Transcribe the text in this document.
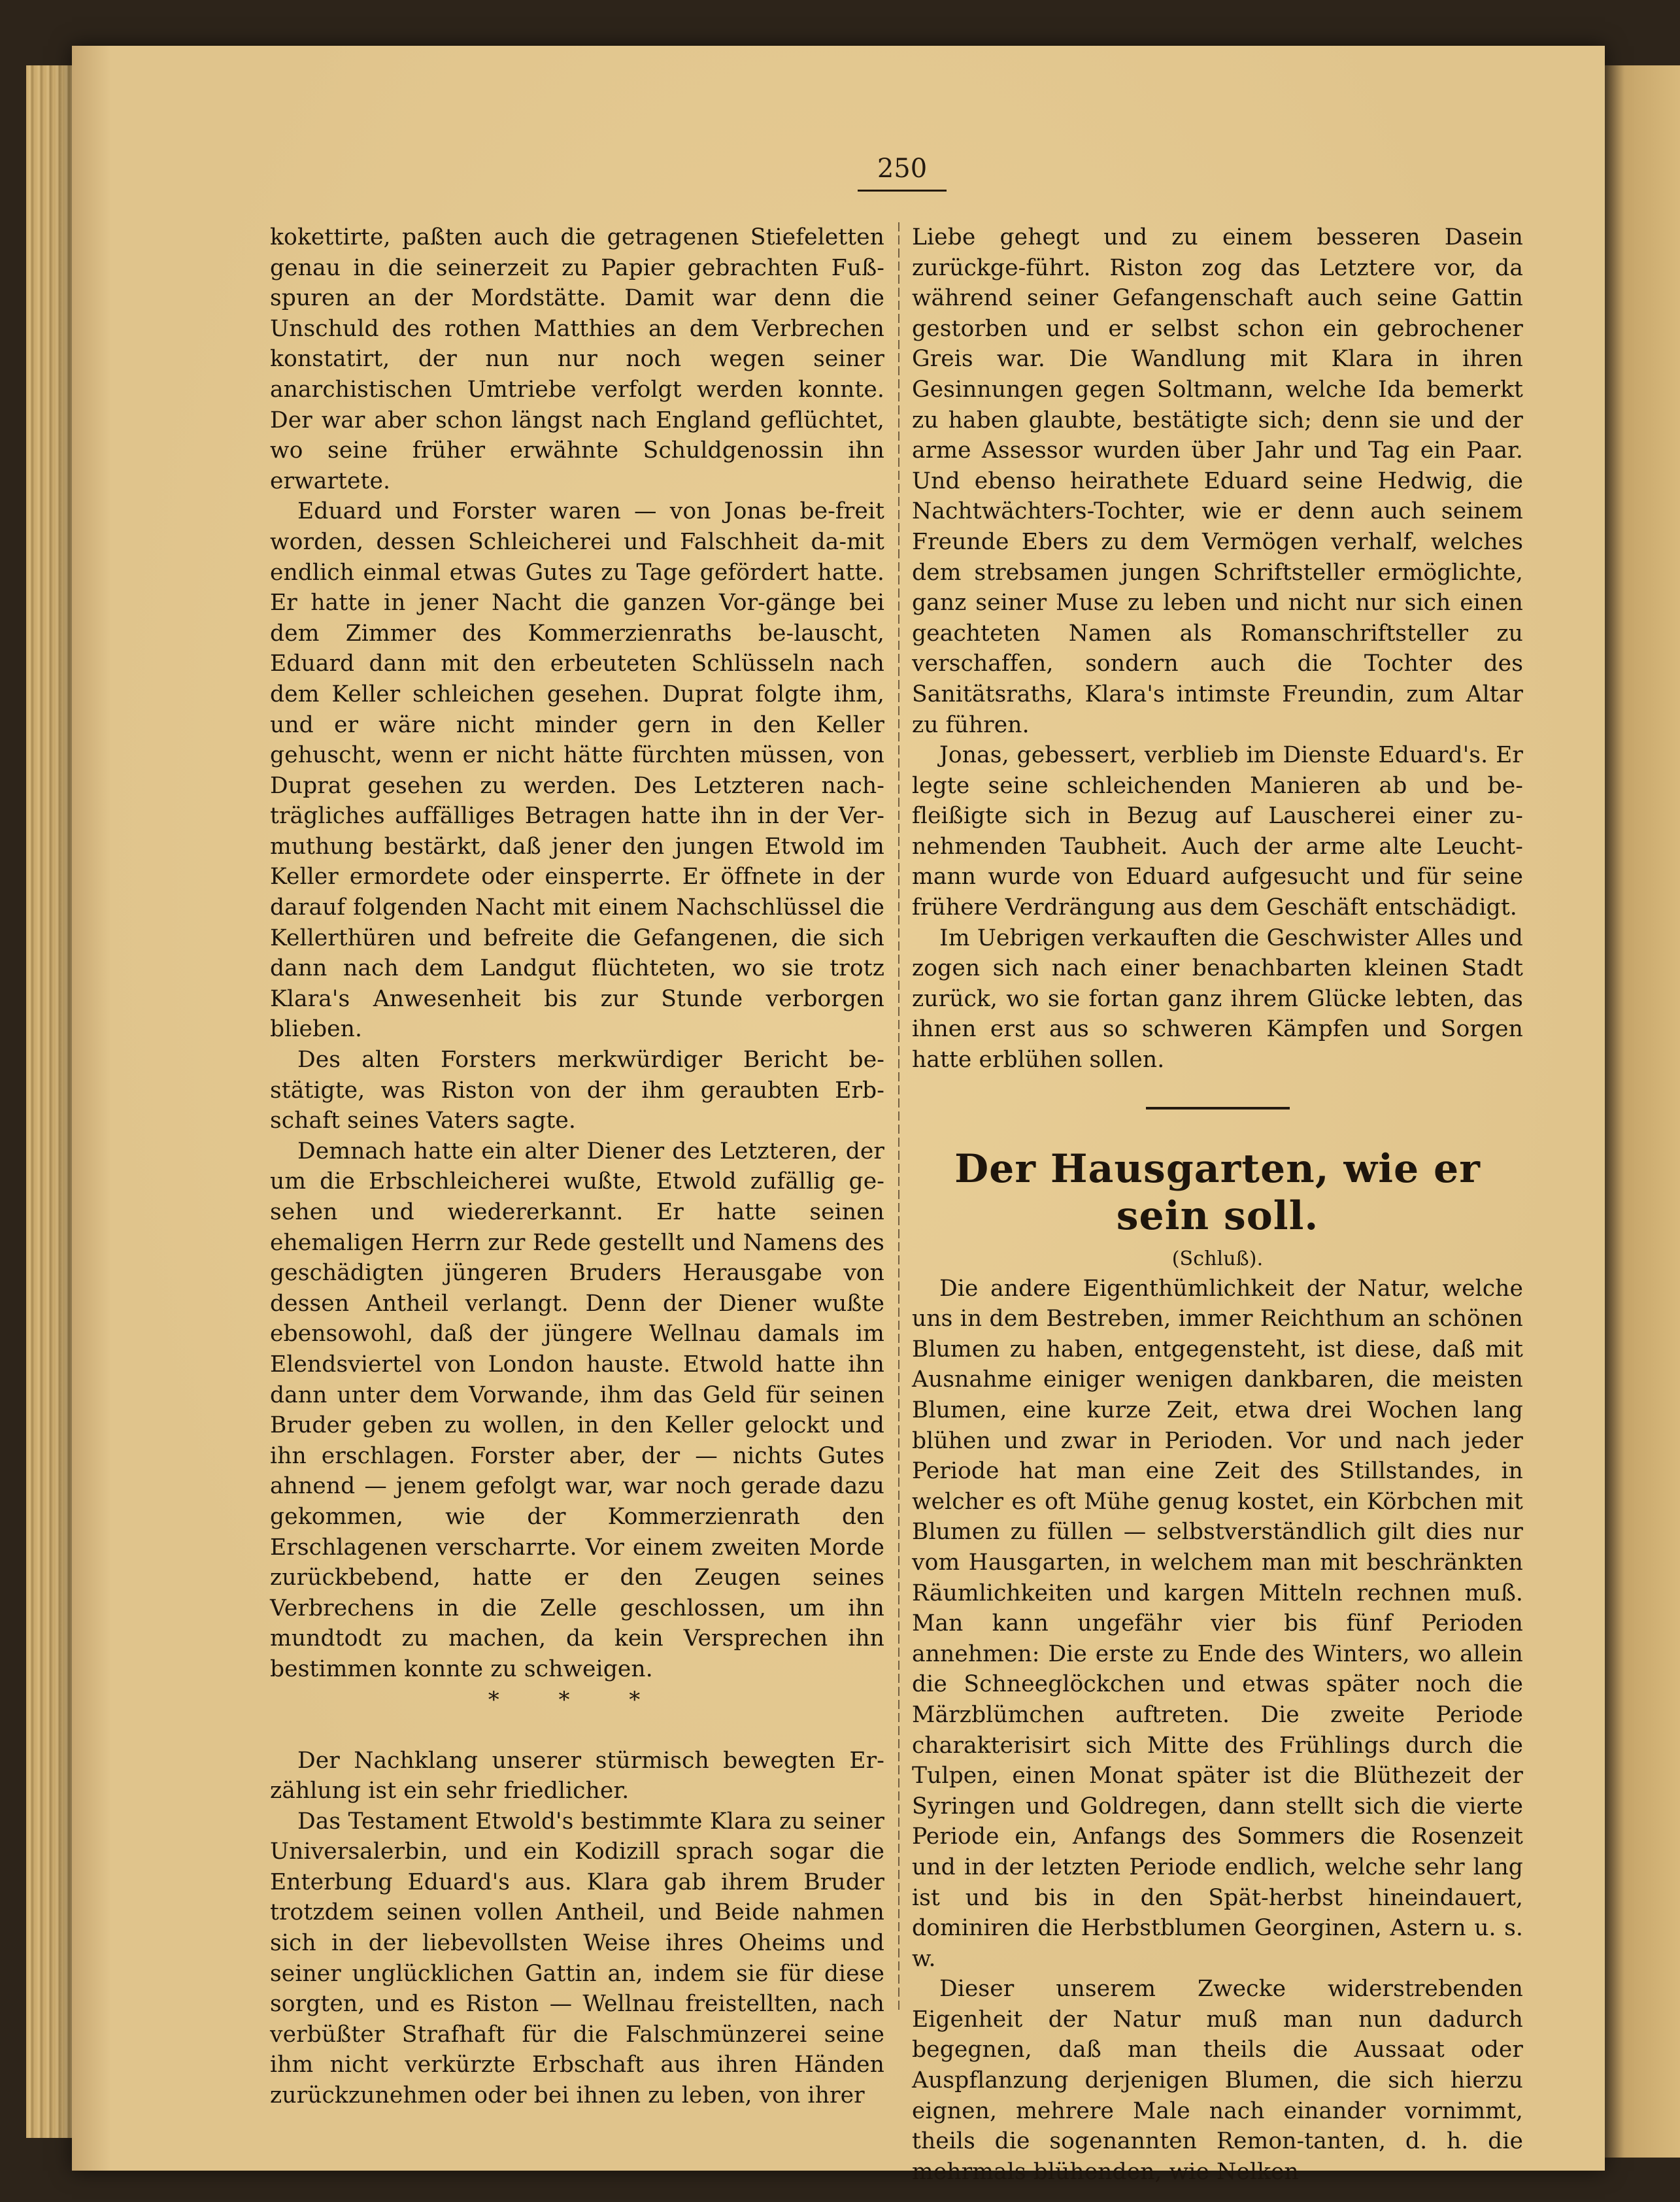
250

kokettirte, paßten auch die getragenen Stiefeletten genau in die seinerzeit zu Papier gebrachten Fuß-spuren an der Mordstätte. Damit war denn die Unschuld des rothen Matthies an dem Verbrechen konstatirt, der nun nur noch wegen seiner anarchistischen Umtriebe verfolgt werden konnte. Der war aber schon längst nach England geflüchtet, wo seine früher erwähnte Schuldgenossin ihn erwartete.

Eduard und Forster waren — von Jonas be-freit worden, dessen Schleicherei und Falschheit da-mit endlich einmal etwas Gutes zu Tage gefördert hatte. Er hatte in jener Nacht die ganzen Vor-gänge bei dem Zimmer des Kommerzienraths be-lauscht, Eduard dann mit den erbeuteten Schlüsseln nach dem Keller schleichen gesehen. Duprat folgte ihm, und er wäre nicht minder gern in den Keller gehuscht, wenn er nicht hätte fürchten müssen, von Duprat gesehen zu werden. Des Letzteren nach-trägliches auffälliges Betragen hatte ihn in der Ver-muthung bestärkt, daß jener den jungen Etwold im Keller ermordete oder einsperrte. Er öffnete in der darauf folgenden Nacht mit einem Nachschlüssel die Kellerthüren und befreite die Gefangenen, die sich dann nach dem Landgut flüchteten, wo sie trotz Klara's Anwesenheit bis zur Stunde verborgen blieben.

Des alten Forsters merkwürdiger Bericht be-stätigte, was Riston von der ihm geraubten Erb-schaft seines Vaters sagte.

Demnach hatte ein alter Diener des Letzteren, der um die Erbschleicherei wußte, Etwold zufällig ge-sehen und wiedererkannt. Er hatte seinen ehemaligen Herrn zur Rede gestellt und Namens des geschädigten jüngeren Bruders Herausgabe von dessen Antheil verlangt. Denn der Diener wußte ebensowohl, daß der jüngere Wellnau damals im Elendsviertel von London hauste. Etwold hatte ihn dann unter dem Vorwande, ihm das Geld für seinen Bruder geben zu wollen, in den Keller gelockt und ihn erschlagen. Forster aber, der — nichts Gutes ahnend — jenem gefolgt war, war noch gerade dazu gekommen, wie der Kommerzienrath den Erschlagenen verscharrte. Vor einem zweiten Morde zurückbebend, hatte er den Zeugen seines Verbrechens in die Zelle geschlossen, um ihn mundtodt zu machen, da kein Versprechen ihn bestimmen konnte zu schweigen.

* * *

Der Nachklang unserer stürmisch bewegten Er-zählung ist ein sehr friedlicher.

Das Testament Etwold's bestimmte Klara zu seiner Universalerbin, und ein Kodizill sprach sogar die Enterbung Eduard's aus. Klara gab ihrem Bruder trotzdem seinen vollen Antheil, und Beide nahmen sich in der liebevollsten Weise ihres Oheims und seiner unglücklichen Gattin an, indem sie für diese sorgten, und es Riston — Wellnau freistellten, nach verbüßter Strafhaft für die Falschmünzerei seine ihm nicht verkürzte Erbschaft aus ihren Händen zurückzunehmen oder bei ihnen zu leben, von ihrer

Liebe gehegt und zu einem besseren Dasein zurückge-führt. Riston zog das Letztere vor, da während seiner Gefangenschaft auch seine Gattin gestorben und er selbst schon ein gebrochener Greis war. Die Wandlung mit Klara in ihren Gesinnungen gegen Soltmann, welche Ida bemerkt zu haben glaubte, bestätigte sich; denn sie und der arme Assessor wurden über Jahr und Tag ein Paar. Und ebenso heirathete Eduard seine Hedwig, die Nachtwächters-Tochter, wie er denn auch seinem Freunde Ebers zu dem Vermögen verhalf, welches dem strebsamen jungen Schriftsteller ermöglichte, ganz seiner Muse zu leben und nicht nur sich einen geachteten Namen als Romanschriftsteller zu verschaffen, sondern auch die Tochter des Sanitätsraths, Klara's intimste Freundin, zum Altar zu führen.

Jonas, gebessert, verblieb im Dienste Eduard's. Er legte seine schleichenden Manieren ab und be-fleißigte sich in Bezug auf Lauscherei einer zu-nehmenden Taubheit. Auch der arme alte Leucht-mann wurde von Eduard aufgesucht und für seine frühere Verdrängung aus dem Geschäft entschädigt.

Im Uebrigen verkauften die Geschwister Alles und zogen sich nach einer benachbarten kleinen Stadt zurück, wo sie fortan ganz ihrem Glücke lebten, das ihnen erst aus so schweren Kämpfen und Sorgen hatte erblühen sollen.

Der Hausgarten, wie er sein soll.
(Schluß).

Die andere Eigenthümlichkeit der Natur, welche uns in dem Bestreben, immer Reichthum an schönen Blumen zu haben, entgegensteht, ist diese, daß mit Ausnahme einiger wenigen dankbaren, die meisten Blumen, eine kurze Zeit, etwa drei Wochen lang blühen und zwar in Perioden. Vor und nach jeder Periode hat man eine Zeit des Stillstandes, in welcher es oft Mühe genug kostet, ein Körbchen mit Blumen zu füllen — selbstverständlich gilt dies nur vom Hausgarten, in welchem man mit beschränkten Räumlichkeiten und kargen Mitteln rechnen muß. Man kann ungefähr vier bis fünf Perioden annehmen: Die erste zu Ende des Winters, wo allein die Schneeglöckchen und etwas später noch die Märzblümchen auftreten. Die zweite Periode charakterisirt sich Mitte des Frühlings durch die Tulpen, einen Monat später ist die Blüthezeit der Syringen und Goldregen, dann stellt sich die vierte Periode ein, Anfangs des Sommers die Rosenzeit und in der letzten Periode endlich, welche sehr lang ist und bis in den Spät-herbst hineindauert, dominiren die Herbstblumen Georginen, Astern u. s. w.

Dieser unserem Zwecke widerstrebenden Eigenheit der Natur muß man nun dadurch begegnen, daß man theils die Aussaat oder Auspflanzung derjenigen Blumen, die sich hierzu eignen, mehrere Male nach einander vornimmt, theils die sogenannten Remon-tanten, d. h. die mehrmals blühenden, wie Nelken
